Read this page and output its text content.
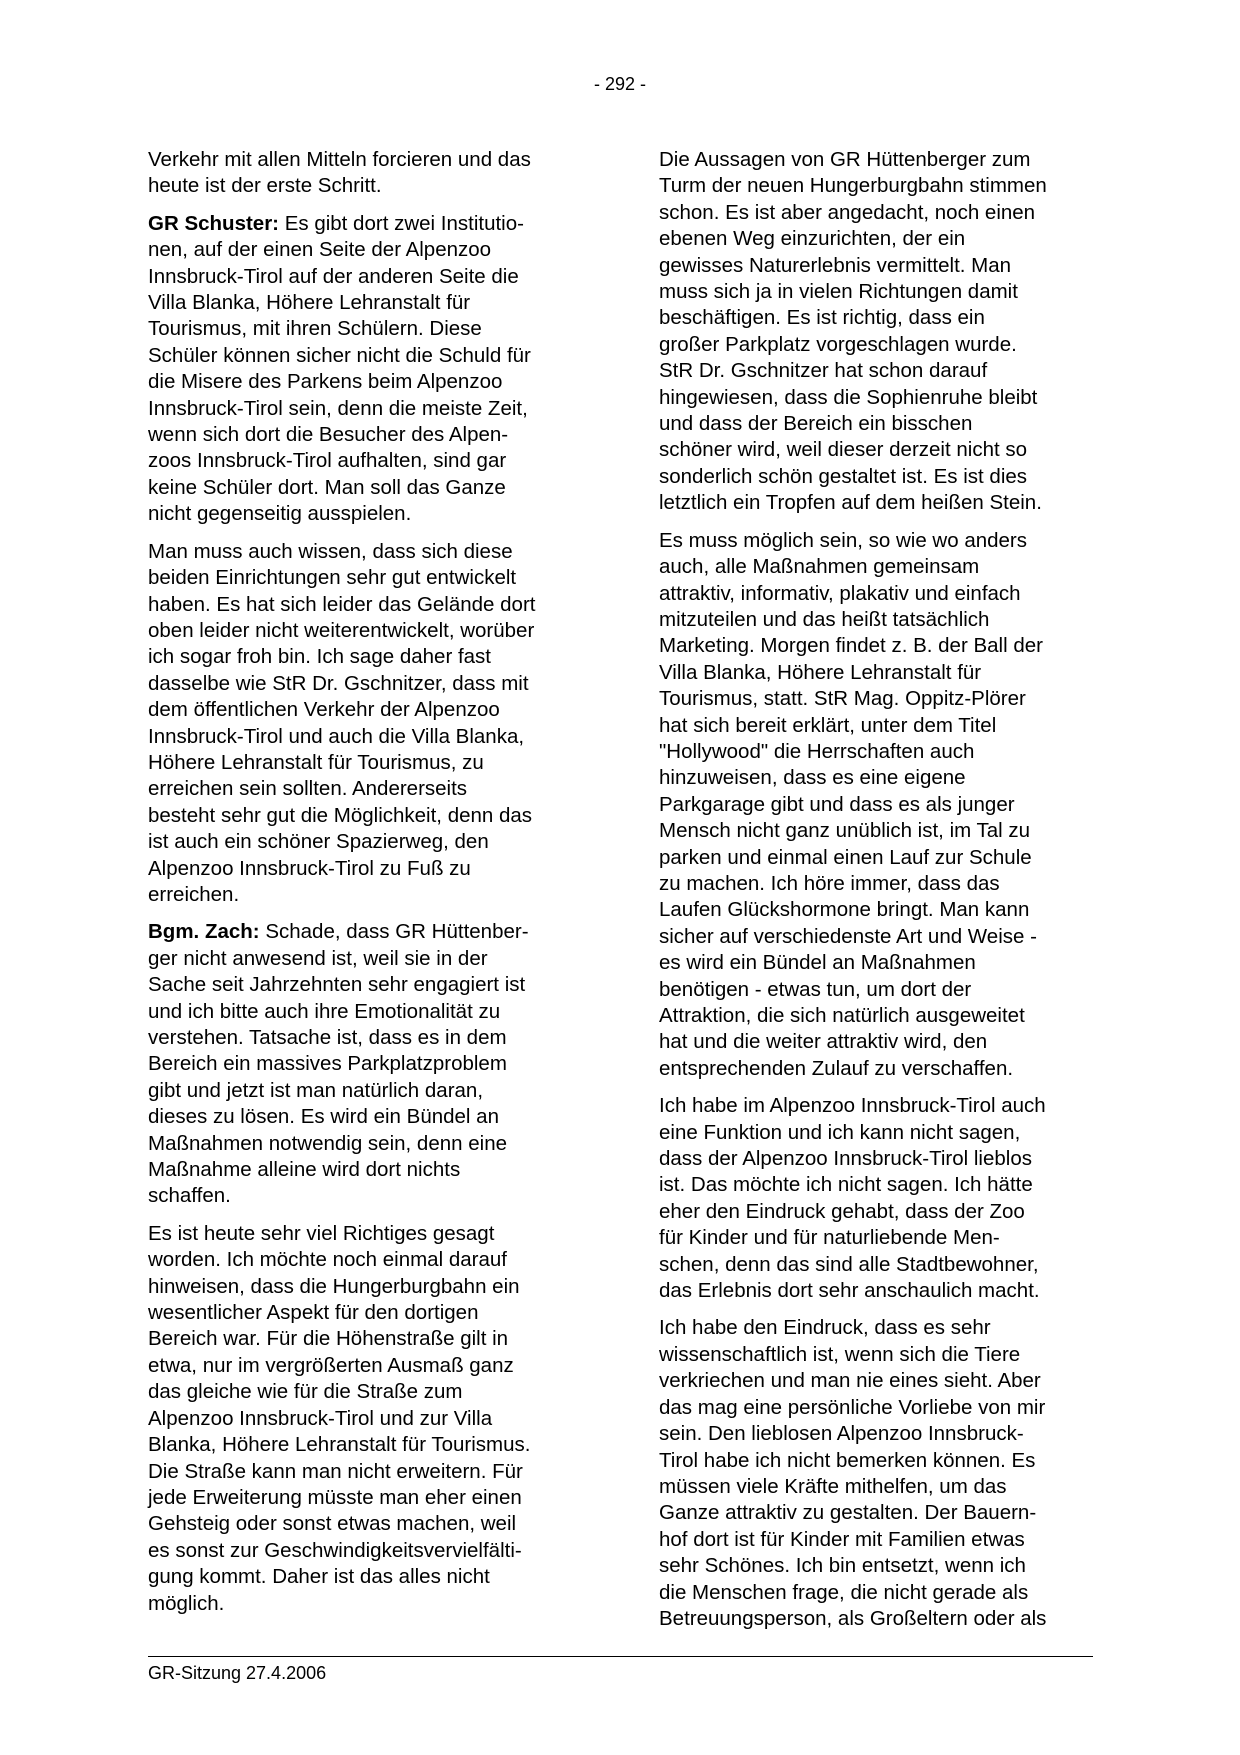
- 292 -

Verkehr mit allen Mitteln forcieren und das
heute ist der erste Schritt.

GR Schuster: Es gibt dort zwei Institutio-
nen, auf der einen Seite der Alpenzoo
Innsbruck-Tirol auf der anderen Seite die
Villa Blanka, Höhere Lehranstalt für
Tourismus, mit ihren Schülern. Diese
Schüler können sicher nicht die Schuld für
die Misere des Parkens beim Alpenzoo
Innsbruck-Tirol sein, denn die meiste Zeit,
wenn sich dort die Besucher des Alpen-
zoos Innsbruck-Tirol aufhalten, sind gar
keine Schüler dort. Man soll das Ganze
nicht gegenseitig ausspielen.

Man muss auch wissen, dass sich diese
beiden Einrichtungen sehr gut entwickelt
haben. Es hat sich leider das Gelände dort
oben leider nicht weiterentwickelt, worüber
ich sogar froh bin. Ich sage daher fast
dasselbe wie StR Dr. Gschnitzer, dass mit
dem öffentlichen Verkehr der Alpenzoo
Innsbruck-Tirol und auch die Villa Blanka,
Höhere Lehranstalt für Tourismus, zu
erreichen sein sollten. Andererseits
besteht sehr gut die Möglichkeit, denn das
ist auch ein schöner Spazierweg, den
Alpenzoo Innsbruck-Tirol zu Fuß zu
erreichen.

Bgm. Zach: Schade, dass GR Hüttenber-
ger nicht anwesend ist, weil sie in der
Sache seit Jahrzehnten sehr engagiert ist
und ich bitte auch ihre Emotionalität zu
verstehen. Tatsache ist, dass es in dem
Bereich ein massives Parkplatzproblem
gibt und jetzt ist man natürlich daran,
dieses zu lösen. Es wird ein Bündel an
Maßnahmen notwendig sein, denn eine
Maßnahme alleine wird dort nichts
schaffen.

Es ist heute sehr viel Richtiges gesagt
worden. Ich möchte noch einmal darauf
hinweisen, dass die Hungerburgbahn ein
wesentlicher Aspekt für den dortigen
Bereich war. Für die Höhenstraße gilt in
etwa, nur im vergrößerten Ausmaß ganz
das gleiche wie für die Straße zum
Alpenzoo Innsbruck-Tirol und zur Villa
Blanka, Höhere Lehranstalt für Tourismus.
Die Straße kann man nicht erweitern. Für
jede Erweiterung müsste man eher einen
Gehsteig oder sonst etwas machen, weil
es sonst zur Geschwindigkeitsvervielfälti-
gung kommt. Daher ist das alles nicht
möglich.

Die Aussagen von GR Hüttenberger zum
Turm der neuen Hungerburgbahn stimmen
schon. Es ist aber angedacht, noch einen
ebenen Weg einzurichten, der ein
gewisses Naturerlebnis vermittelt. Man
muss sich ja in vielen Richtungen damit
beschäftigen. Es ist richtig, dass ein
großer Parkplatz vorgeschlagen wurde.
StR Dr. Gschnitzer hat schon darauf
hingewiesen, dass die Sophienruhe bleibt
und dass der Bereich ein bisschen
schöner wird, weil dieser derzeit nicht so
sonderlich schön gestaltet ist. Es ist dies
letztlich ein Tropfen auf dem heißen Stein.

Es muss möglich sein, so wie wo anders
auch, alle Maßnahmen gemeinsam
attraktiv, informativ, plakativ und einfach
mitzuteilen und das heißt tatsächlich
Marketing. Morgen findet z. B. der Ball der
Villa Blanka, Höhere Lehranstalt für
Tourismus, statt. StR Mag. Oppitz-Plörer
hat sich bereit erklärt, unter dem Titel
"Hollywood" die Herrschaften auch
hinzuweisen, dass es eine eigene
Parkgarage gibt und dass es als junger
Mensch nicht ganz unüblich ist, im Tal zu
parken und einmal einen Lauf zur Schule
zu machen. Ich höre immer, dass das
Laufen Glückshormone bringt. Man kann
sicher auf verschiedenste Art und Weise -
es wird ein Bündel an Maßnahmen
benötigen - etwas tun, um dort der
Attraktion, die sich natürlich ausgeweitet
hat und die weiter attraktiv wird, den
entsprechenden Zulauf zu verschaffen.

Ich habe im Alpenzoo Innsbruck-Tirol auch
eine Funktion und ich kann nicht sagen,
dass der Alpenzoo Innsbruck-Tirol lieblos
ist. Das möchte ich nicht sagen. Ich hätte
eher den Eindruck gehabt, dass der Zoo
für Kinder und für naturliebende Men-
schen, denn das sind alle Stadtbewohner,
das Erlebnis dort sehr anschaulich macht.

Ich habe den Eindruck, dass es sehr
wissenschaftlich ist, wenn sich die Tiere
verkriechen und man nie eines sieht. Aber
das mag eine persönliche Vorliebe von mir
sein. Den lieblosen Alpenzoo Innsbruck-
Tirol habe ich nicht bemerken können. Es
müssen viele Kräfte mithelfen, um das
Ganze attraktiv zu gestalten. Der Bauern-
hof dort ist für Kinder mit Familien etwas
sehr Schönes. Ich bin entsetzt, wenn ich
die Menschen frage, die nicht gerade als
Betreuungsperson, als Großeltern oder als

GR-Sitzung 27.4.2006
